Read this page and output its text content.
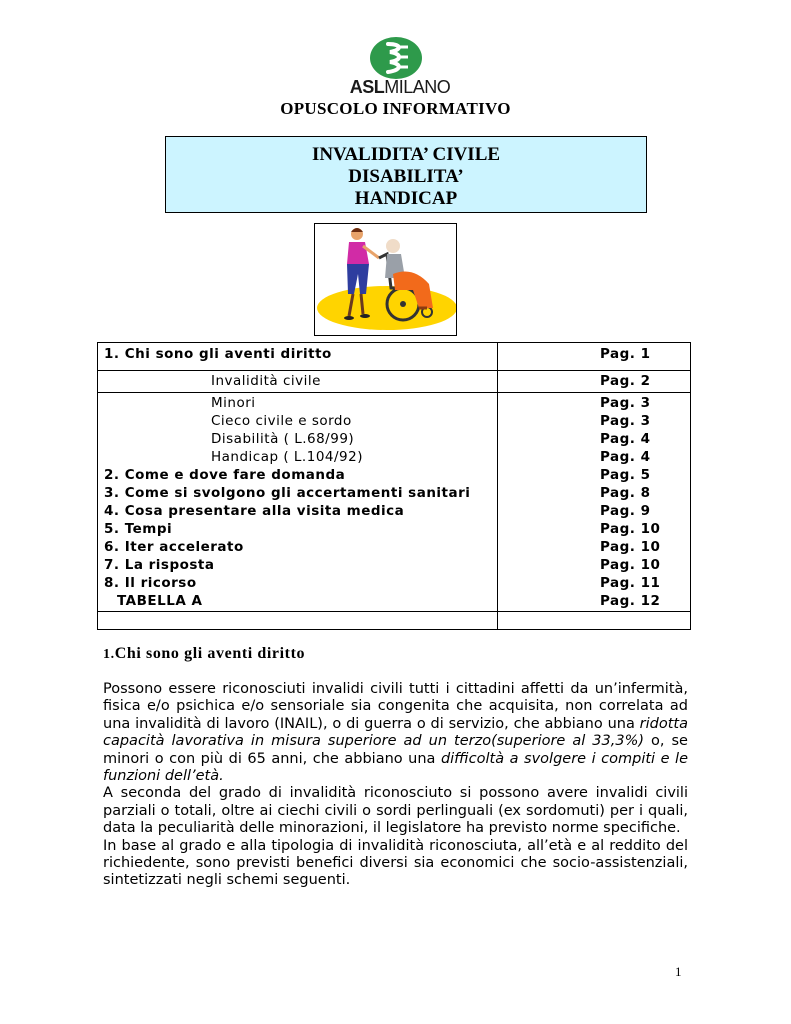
ASLMILANO
OPUSCOLO INFORMATIVO
INVALIDITA’ CIVILE
DISABILITA’
HANDICAP
1. Chi sono gli aventi diritto	Pag. 1
Invalidità civile	Pag. 2
Minori	Pag. 3
Cieco civile e sordo	Pag. 3
Disabilità ( L.68/99)	Pag. 4
Handicap ( L.104/92)	Pag. 4
2. Come e dove fare domanda	Pag. 5
3. Come si svolgono gli accertamenti sanitari	Pag. 8
4. Cosa presentare alla visita medica	Pag. 9
5. Tempi	Pag. 10
6. Iter accelerato	Pag. 10
7. La risposta	Pag. 10
8. Il ricorso	Pag. 11
TABELLA A	Pag. 12
1.Chi sono gli aventi diritto

Possono essere riconosciuti invalidi civili tutti i cittadini affetti da un’infermità, fisica e/o psichica e/o sensoriale sia congenita che acquisita, non correlata ad una invalidità di lavoro (INAIL), o di guerra o di servizio, che abbiano una ridotta capacità lavorativa in misura superiore ad un terzo(superiore al 33,3%) o, se minori o con più di 65 anni, che abbiano una difficoltà a svolgere i compiti e le funzioni dell’età.

A seconda del grado di invalidità riconosciuto si possono avere invalidi civili parziali o totali, oltre ai ciechi civili o sordi perlinguali (ex sordomuti) per i quali, data la peculiarità delle minorazioni, il legislatore ha previsto norme specifiche.

In base al grado e alla tipologia di invalidità riconosciuta, all’età e al reddito del richiedente, sono previsti benefici diversi sia economici che socio-assistenziali, sintetizzati negli schemi seguenti.

1
